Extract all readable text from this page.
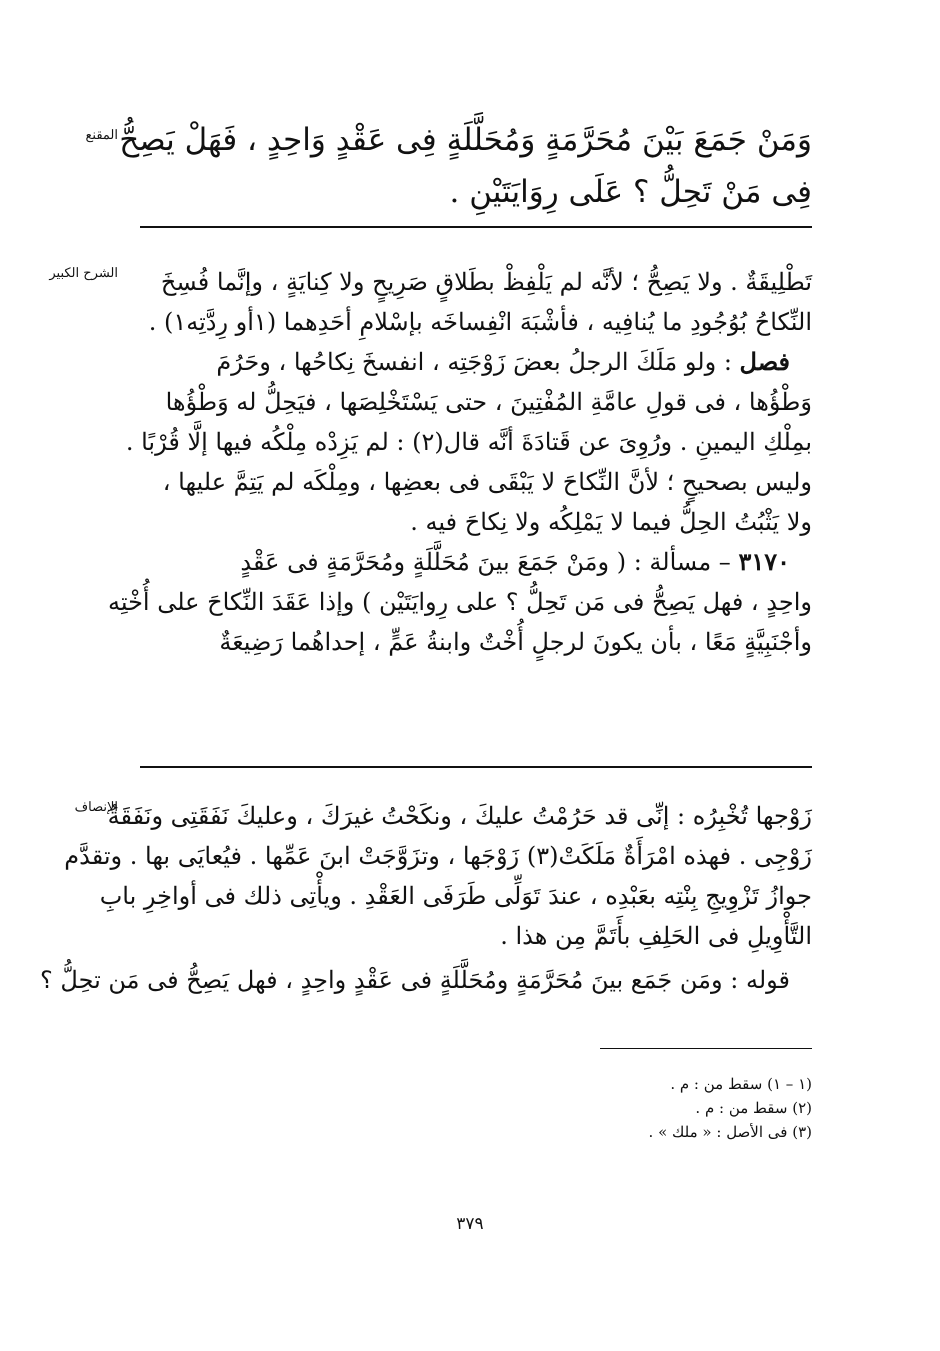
المقنع وَمَنْ جَمَعَ بَيْنَ مُحَرَّمَةٍ وَمُحَلَّلَةٍ فِى عَقْدٍ وَاحِدٍ ، فَهَلْ يَصِحُّ
فِى مَنْ تَحِلُّ ؟ عَلَى رِوَايَتَيْنِ .
الشرح الكبير	تَطْلِيقَةٌ . ولا يَصِحُّ ؛ لأنَّه لم يَلْفِظْ بطَلاقٍ صَرِيحٍ ولا كِنايَةٍ ، وإنَّما فُسِخَ
النِّكاحُ بُوُجُودِ ما يُنافِيه ، فأشْبَهَ انْفِساخَه بإسْلامِ أحَدِهما (١أو رِدَّتِه١) .
فصل : ولو مَلَكَ الرجلُ بعضَ زَوْجَتِه ، انفسخَ نِكاحُها ، وحَرُمَ
وَطْؤُها ، فى قولِ عامَّةِ المُفْتِينَ ، حتى يَسْتَخْلِصَها ، فيَحِلُّ له وَطْؤُها
بمِلْكِ اليمينِ . ورُوِىَ عن قَتادَةَ أنَّه قال(٢) : لم يَزِدْه مِلْكُه فيها إلَّا قُرْبًا .
وليس بصحيحٍ ؛ لأنَّ النِّكاحَ لا يَبْقَى فى بعضِها ، ومِلْكَه لم يَتِمَّ عليها ،
ولا يَثْبُتُ الحِلُّ فيما لا يَمْلِكُه ولا نِكاحَ فيه .
٣١٧٠ – مسألة : ( ومَنْ جَمَعَ بينَ مُحَلَّلَةٍ ومُحَرَّمَةٍ فى عَقْدٍ
واحِدٍ ، فهل يَصِحُّ فى مَن تَحِلُّ ؟ على رِوايَتَيْن ) وإذا عَقَدَ النِّكاحَ على أُخْتِه
وأجْنَبِيَّةٍ مَعًا ، بأن يكونَ لرجلٍ أُخْتٌ وابنةُ عَمٍّ ، إحداهُما رَضِيعَةٌ
الإنصاف
زَوْجها تُخْبِرُه : إنِّى قد حَرُمْتُ عليكَ ، ونكَحْتُ غيرَكَ ، وعليكَ نَفَقَتِى ونَفَقَةُ
زَوْجِى . فهذه امْرَأَةٌ مَلَكَتْ(٣) زَوْجَها ، وتزَوَّجَتْ ابنَ عَمِّها . فيُعايَى بها . وتقدَّم
جوازُ تَزْوِيجِ بِنْتِه بعَبْدِه ، عندَ تَوَلِّى طَرَفَى العَقْدِ . ويأْتِى ذلك فى أواخِرِ بابِ
التَّأْوِيلِ فى الحَلِفِ بأَتَمَّ مِن هذا .
قوله : ومَن جَمَع بينَ مُحَرَّمَةٍ ومُحَلَّلَةٍ فى عَقْدٍ واحِدٍ ، فهل يَصِحُّ فى مَن تحِلُّ ؟
(١ – ١) سقط من : م .
(٢) سقط من : م .
(٣) فى الأصل : « ملك » .
٣٧٩
